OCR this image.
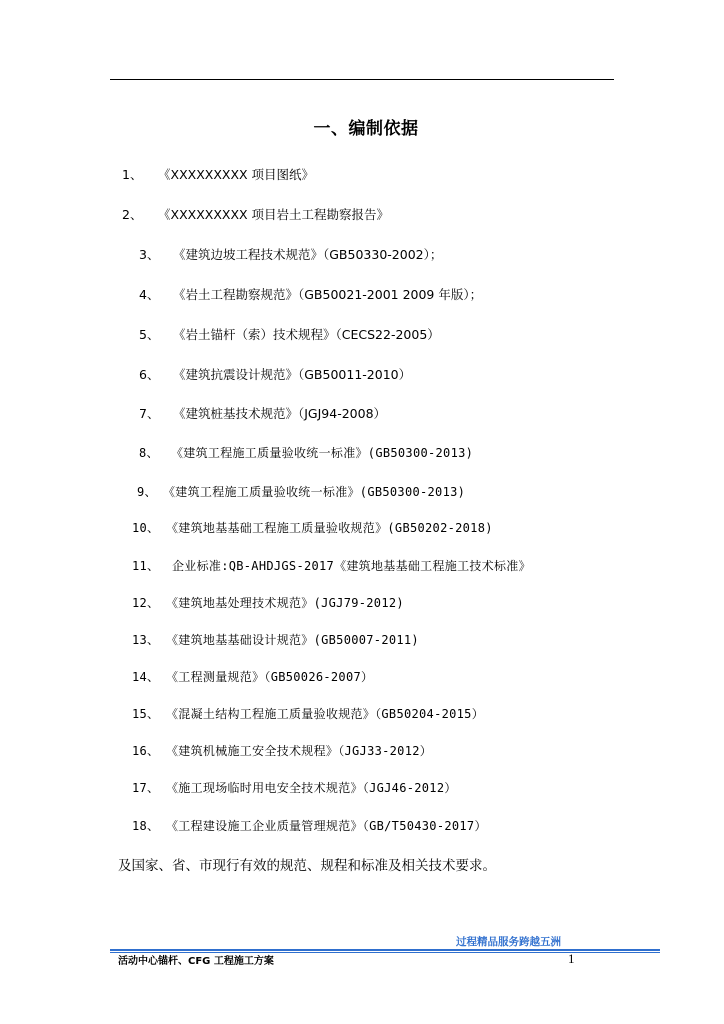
一、编制依据
1、 《XXXXXXXXX 项目图纸》
2、 《XXXXXXXXX 项目岩土工程勘察报告》
3、 《建筑边坡工程技术规范》（GB50330-2002）；
4、 《岩土工程勘察规范》（GB50021-2001 2009 年版）；
5、 《岩土锚杆（索）技术规程》（CECS22-2005）
6、 《建筑抗震设计规范》（GB50011-2010）
7、 《建筑桩基技术规范》（JGJ94-2008）
8、 《建筑工程施工质量验收统一标准》(GB50300-2013)
9、 《建筑工程施工质量验收统一标准》(GB50300-2013)
10、 《建筑地基基础工程施工质量验收规范》(GB50202-2018)
11、 企业标准:QB-AHDJGS-2017《建筑地基基础工程施工技术标准》
12、 《建筑地基处理技术规范》(JGJ79-2012)
13、 《建筑地基基础设计规范》(GB50007-2011)
14、 《工程测量规范》（GB50026-2007）
15、 《混凝土结构工程施工质量验收规范》（GB50204-2015）
16、 《建筑机械施工安全技术规程》（JGJ33-2012）
17、 《施工现场临时用电安全技术规范》（JGJ46-2012）
18、 《工程建设施工企业质量管理规范》（GB/T50430-2017）
及国家、省、市现行有效的规范、规程和标准及相关技术要求。
过程精品服务跨越五洲
活动中心锚杆、CFG 工程施工方案	1
